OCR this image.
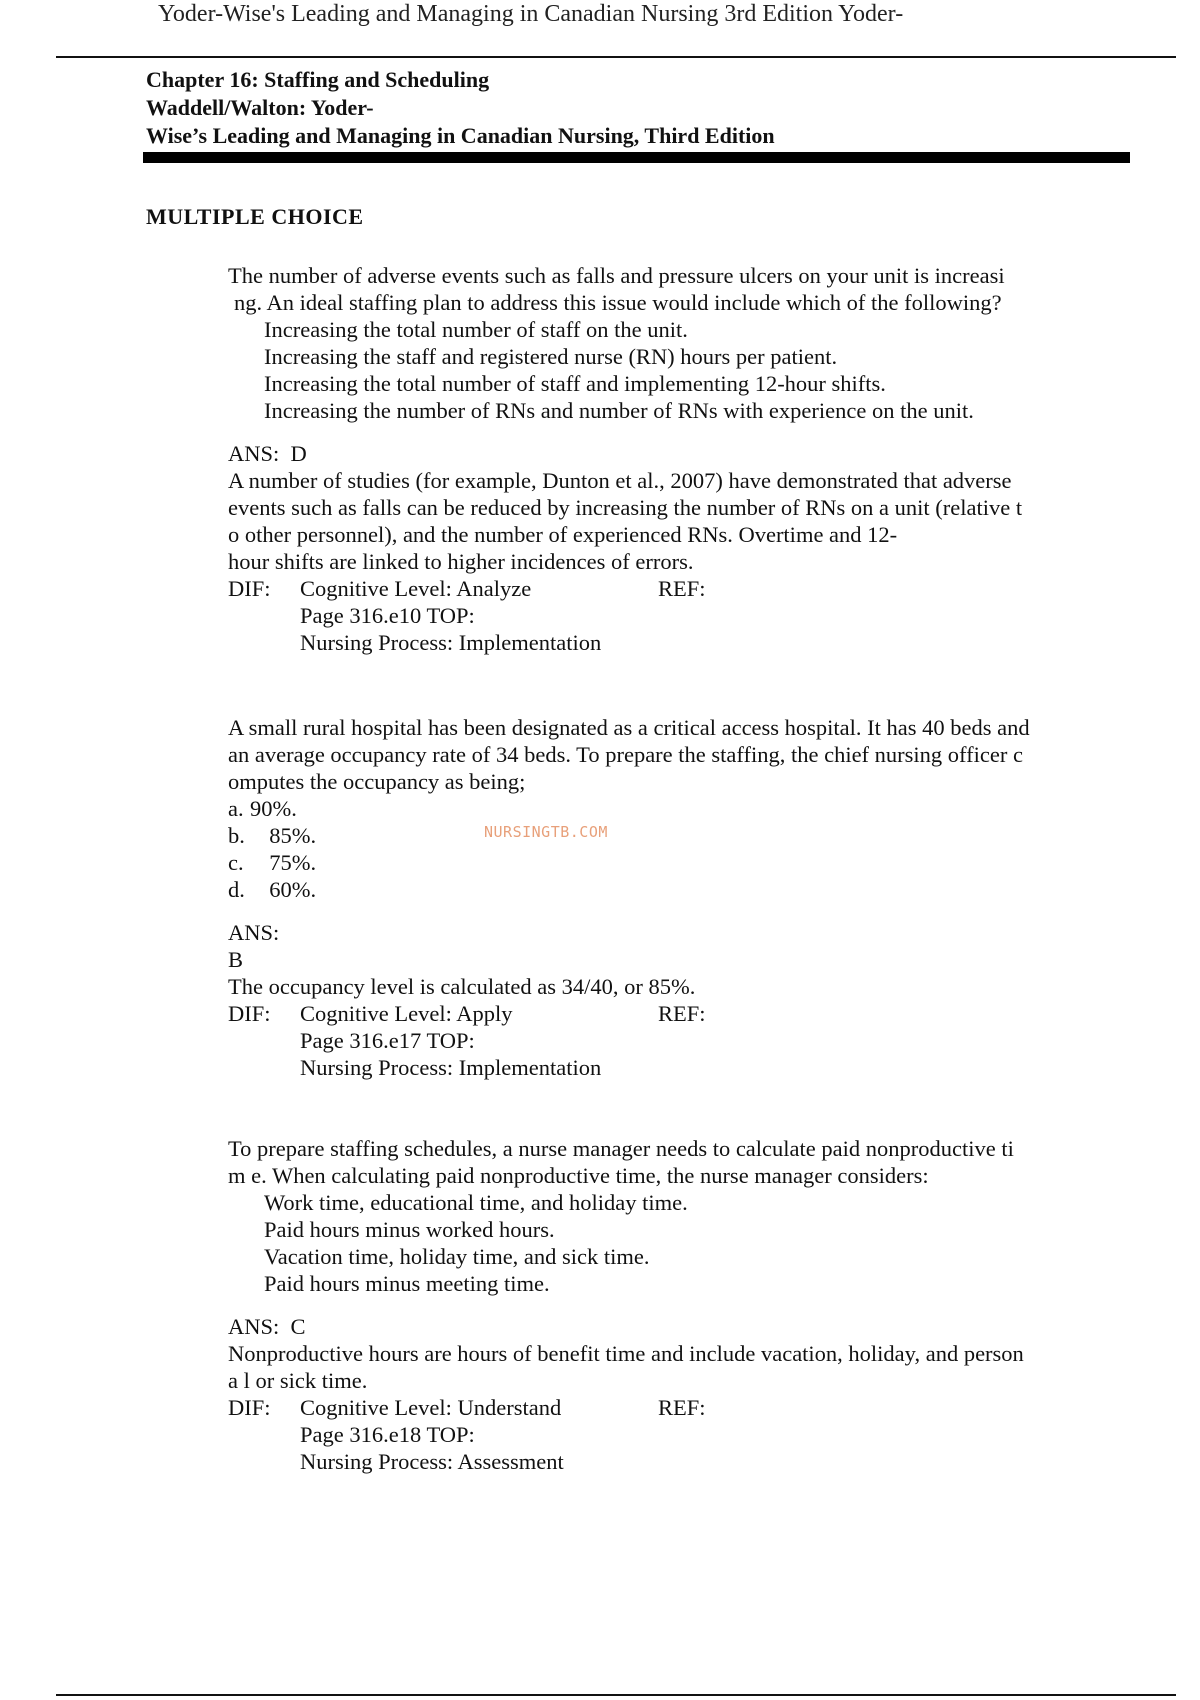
Yoder-Wise's Leading and Managing in Canadian Nursing 3rd Edition Yoder-
Chapter 16: Staffing and Scheduling
Waddell/Walton: Yoder-
Wise’s Leading and Managing in Canadian Nursing, Third Edition
MULTIPLE CHOICE
The number of adverse events such as falls and pressure ulcers on your unit is increasi
ng. An ideal staffing plan to address this issue would include which of the following?
Increasing the total number of staff on the unit.
Increasing the staff and registered nurse (RN) hours per patient.
Increasing the total number of staff and implementing 12-hour shifts.
Increasing the number of RNs and number of RNs with experience on the unit.
ANS: D
A number of studies (for example, Dunton et al., 2007) have demonstrated that adverse
events such as falls can be reduced by increasing the number of RNs on a unit (relative t
o other personnel), and the number of experienced RNs. Overtime and 12-
hour shifts are linked to higher incidences of errors.
DIF: Cognitive Level: Analyze	REF:
Page 316.e10 TOP:
Nursing Process: Implementation
A small rural hospital has been designated as a critical access hospital. It has 40 beds and
an average occupancy rate of 34 beds. To prepare the staffing, the chief nursing officer c
omputes the occupancy as being;
a. 90%.
b. 85%.
c. 75%.
d. 60%.
ANS:
B
The occupancy level is calculated as 34/40, or 85%.
DIF: Cognitive Level: Apply	REF:
Page 316.e17 TOP:
Nursing Process: Implementation
NURSINGTB.COM
To prepare staffing schedules, a nurse manager needs to calculate paid nonproductive ti
m e. When calculating paid nonproductive time, the nurse manager considers:
Work time, educational time, and holiday time.
Paid hours minus worked hours.
Vacation time, holiday time, and sick time.
Paid hours minus meeting time.
ANS: C
Nonproductive hours are hours of benefit time and include vacation, holiday, and person
a l or sick time.
DIF: Cognitive Level: Understand	REF:
Page 316.e18 TOP:
Nursing Process: Assessment
